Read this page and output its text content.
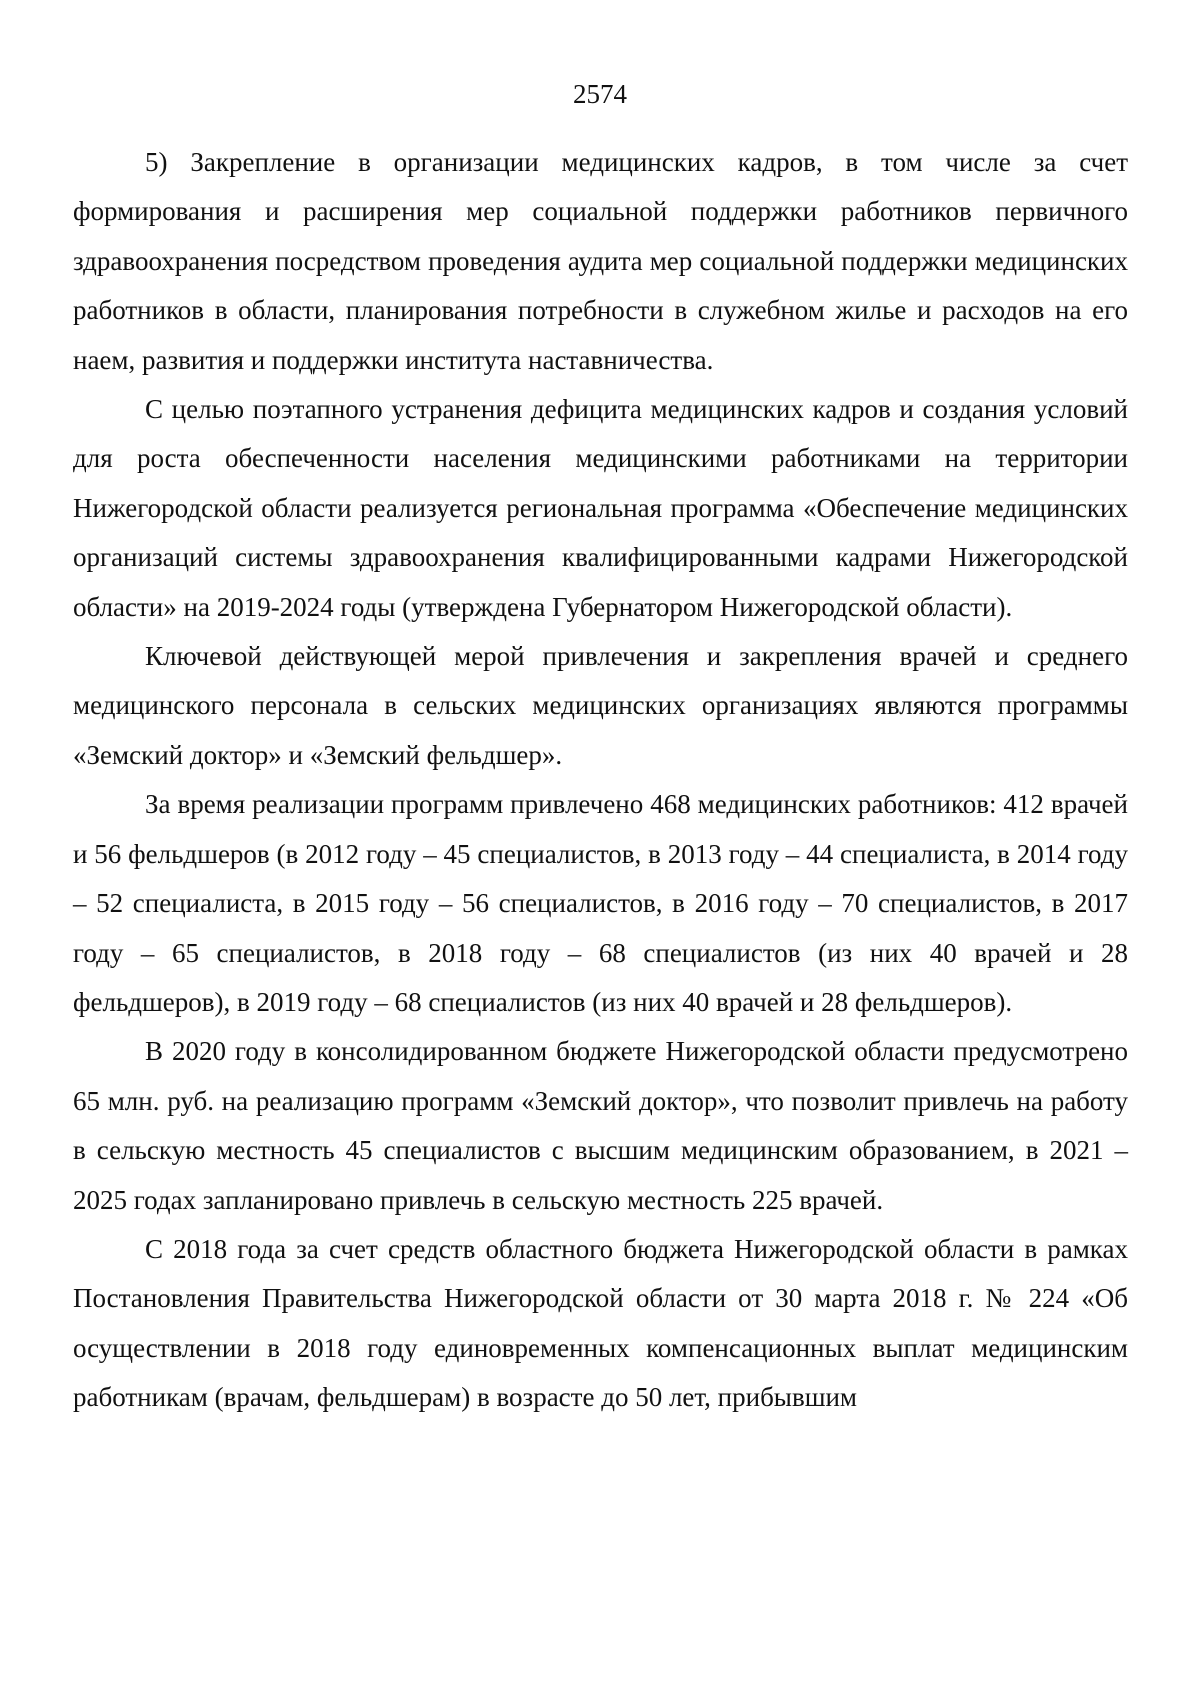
2574

5) Закрепление в организации медицинских кадров, в том числе за счет формирования и расширения мер социальной поддержки работников первичного здравоохранения посредством проведения аудита мер социальной поддержки медицинских работников в области, планирования потребности в служебном жилье и расходов на его наем, развития и поддержки института наставничества.

С целью поэтапного устранения дефицита медицинских кадров и создания условий для роста обеспеченности населения медицинскими работниками на территории Нижегородской области реализуется региональная программа «Обеспечение медицинских организаций системы здравоохранения квалифицированными кадрами Нижегородской области» на 2019-2024 годы (утверждена Губернатором Нижегородской области).

Ключевой действующей мерой привлечения и закрепления врачей и среднего медицинского персонала в сельских медицинских организациях являются программы «Земский доктор» и «Земский фельдшер».

За время реализации программ привлечено 468 медицинских работников: 412 врачей и 56 фельдшеров (в 2012 году – 45 специалистов, в 2013 году – 44 специалиста, в 2014 году – 52 специалиста, в 2015 году – 56 специалистов, в 2016 году – 70 специалистов, в 2017 году – 65 специалистов, в 2018 году – 68 специалистов (из них 40 врачей и 28 фельдшеров), в 2019 году – 68 специалистов (из них 40 врачей и 28 фельдшеров).

В 2020 году в консолидированном бюджете Нижегородской области предусмотрено 65 млн. руб. на реализацию программ «Земский доктор», что позволит привлечь на работу в сельскую местность 45 специалистов с высшим медицинским образованием, в 2021 – 2025 годах запланировано привлечь в сельскую местность 225 врачей.

С 2018 года за счет средств областного бюджета Нижегородской области в рамках Постановления Правительства Нижегородской области от 30 марта 2018 г. № 224 «Об осуществлении в 2018 году единовременных компенсационных выплат медицинским работникам (врачам, фельдшерам) в возрасте до 50 лет, прибывшим
